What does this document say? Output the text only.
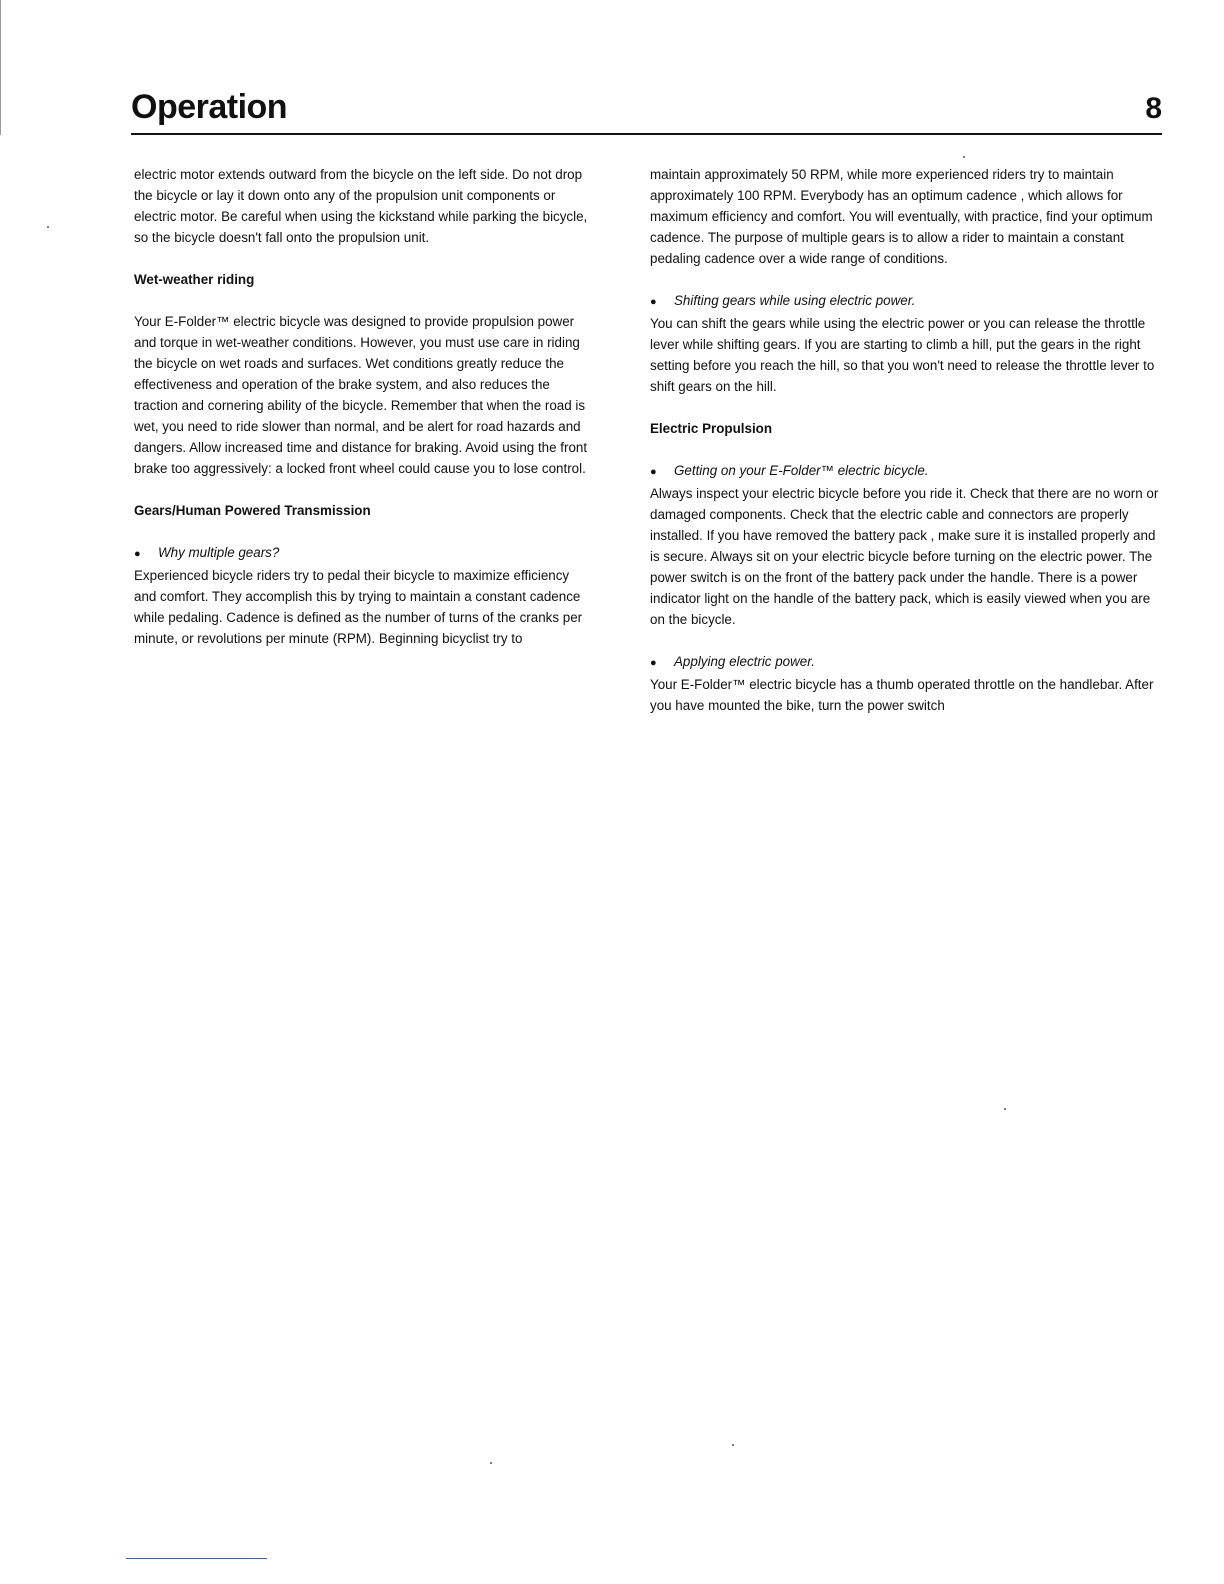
Operation	8

electric motor extends outward from the bicycle on the left side. Do not drop the bicycle or lay it down onto any of the propulsion unit components or electric motor. Be careful when using the kickstand while parking the bicycle, so the bicycle doesn't fall onto the propulsion unit.

Wet-weather riding

Your E-Folder™ electric bicycle was designed to provide propulsion power and torque in wet-weather conditions. However, you must use care in riding the bicycle on wet roads and surfaces. Wet conditions greatly reduce the effectiveness and operation of the brake system, and also reduces the traction and cornering ability of the bicycle. Remember that when the road is wet, you need to ride slower than normal, and be alert for road hazards and dangers. Allow increased time and distance for braking. Avoid using the front brake too aggressively: a locked front wheel could cause you to lose control.

Gears/Human Powered Transmission

● Why multiple gears?

Experienced bicycle riders try to pedal their bicycle to maximize efficiency and comfort. They accomplish this by trying to maintain a constant cadence while pedaling. Cadence is defined as the number of turns of the cranks per minute, or revolutions per minute (RPM). Beginning bicyclist try to

maintain approximately 50 RPM, while more experienced riders try to maintain approximately 100 RPM. Everybody has an optimum cadence , which allows for maximum efficiency and comfort. You will eventually, with practice, find your optimum cadence. The purpose of multiple gears is to allow a rider to maintain a constant pedaling cadence over a wide range of conditions.

● Shifting gears while using electric power.

You can shift the gears while using the electric power or you can release the throttle lever while shifting gears. If you are starting to climb a hill, put the gears in the right setting before you reach the hill, so that you won't need to release the throttle lever to shift gears on the hill.

Electric Propulsion

● Getting on your E-Folder™ electric bicycle.

Always inspect your electric bicycle before you ride it. Check that there are no worn or damaged components. Check that the electric cable and connectors are properly installed. If you have removed the battery pack , make sure it is installed properly and is secure. Always sit on your electric bicycle before turning on the electric power. The power switch is on the front of the battery pack under the handle. There is a power indicator light on the handle of the battery pack, which is easily viewed when you are on the bicycle.

● Applying electric power.

Your E-Folder™ electric bicycle has a thumb operated throttle on the handlebar. After you have mounted the bike, turn the power switch
